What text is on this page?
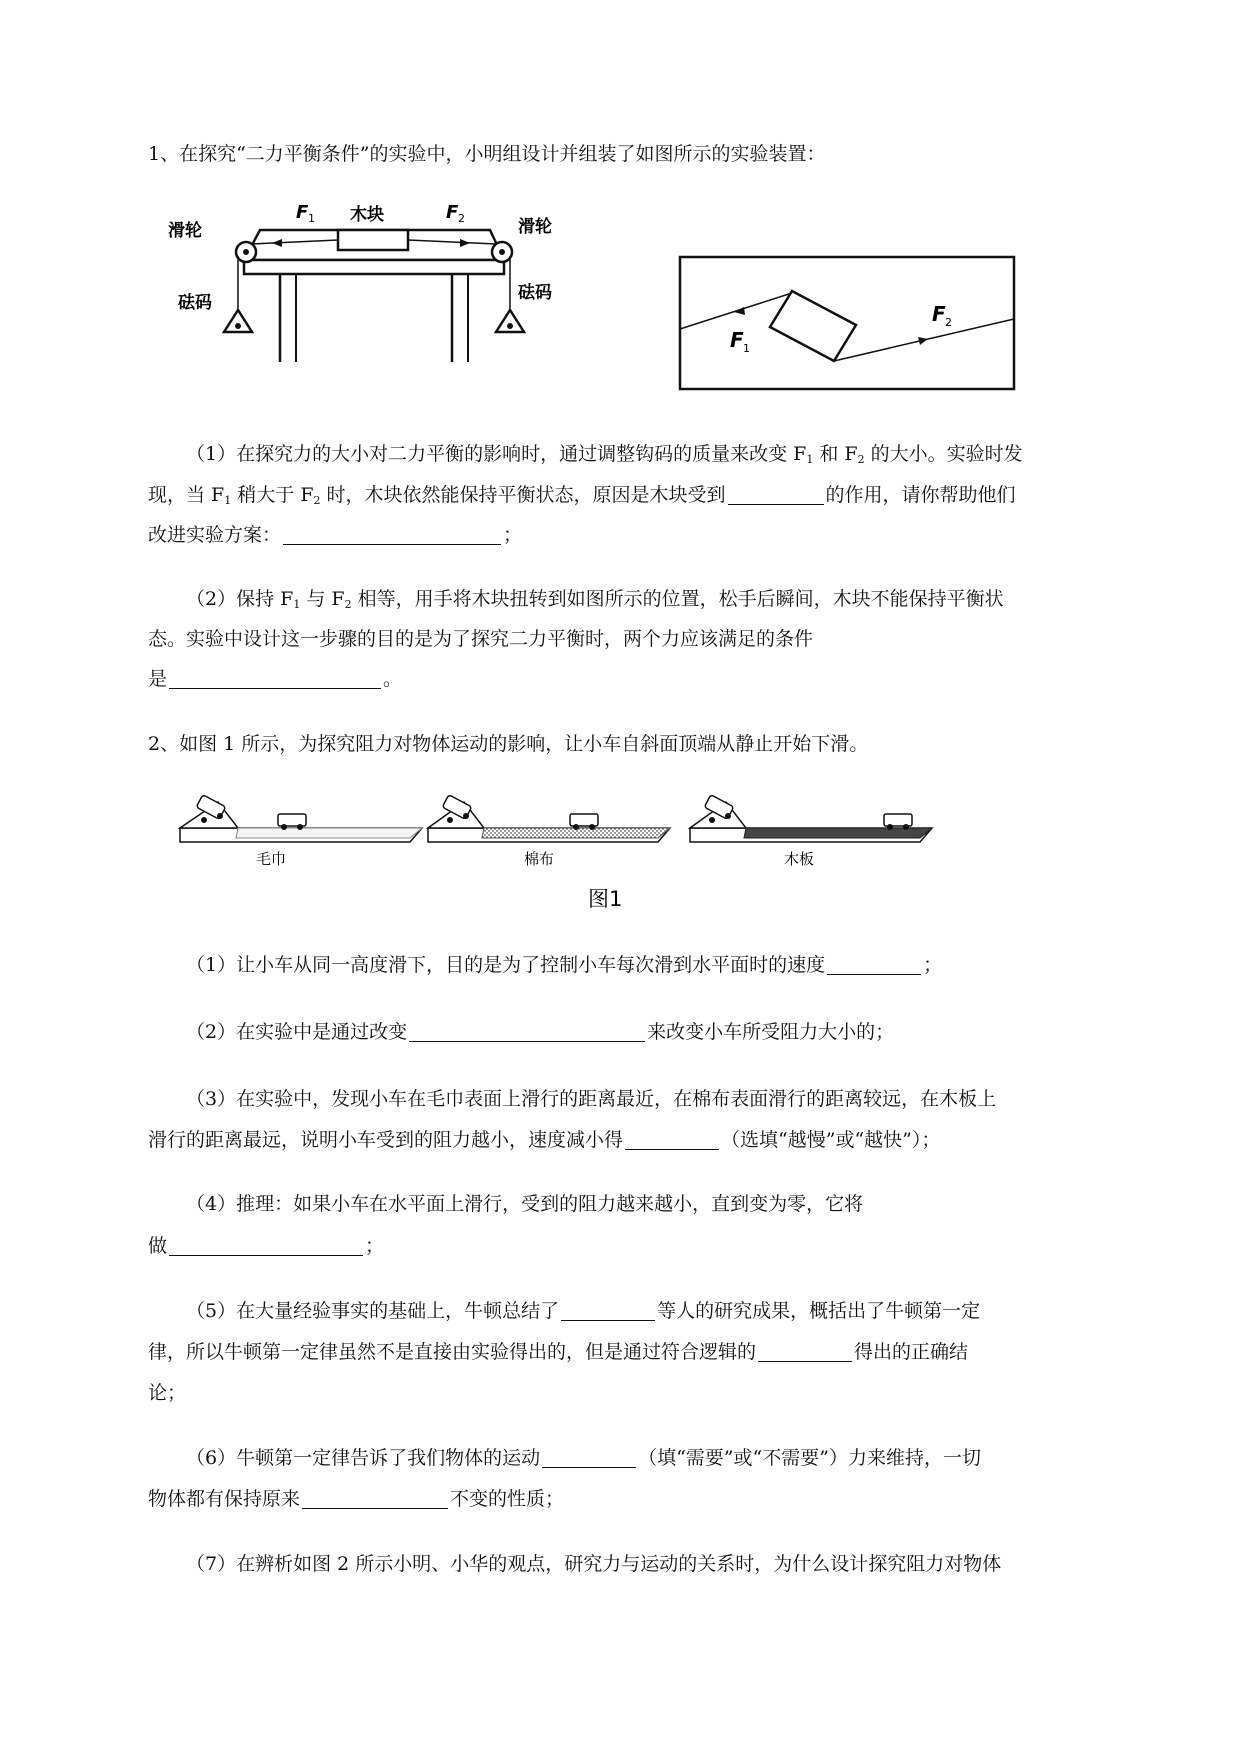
1、在探究“二力平衡条件”的实验中，小明组设计并组装了如图所示的实验装置：
滑轮	滑轮
木块
砝码	砝码
F 1	F 2
F 1
F 2
（1）在探究力的大小对二力平衡的影响时，通过调整钩码的质量来改变 $F_1$ 和 $F_2$ 的大小。实验时发
现，当 $F_1$ 稍大于 $F_2$ 时，木块依然能保持平衡状态，原因是木块受到	的作用，请你帮助他们
改进实验方案：	；
（2）保持 $F_1$ 与 $F_2$ 相等，用手将木块扭转到如图所示的位置，松手后瞬间，木块不能保持平衡状
态。实验中设计这一步骤的目的是为了探究二力平衡时，两个力应该满足的条件
是	。
2、如图 1 所示，为探究阻力对物体运动的影响，让小车自斜面顶端从静止开始下滑。
毛巾	棉布	木板
图1
（1）让小车从同一高度滑下，目的是为了控制小车每次滑到水平面时的速度	；
（2）在实验中是通过改变	来改变小车所受阻力大小的；
（3）在实验中，发现小车在毛巾表面上滑行的距离最近，在棉布表面滑行的距离较远，在木板上
滑行的距离最远，说明小车受到的阻力越小，速度减小得	（选填“越慢”或“越快”）；
（4）推理：如果小车在水平面上滑行，受到的阻力越来越小，直到变为零，它将
做	；
（5）在大量经验事实的基础上，牛顿总结了	等人的研究成果，概括出了牛顿第一定
律，所以牛顿第一定律虽然不是直接由实验得出的，但是通过符合逻辑的	得出的正确结
论；
（6）牛顿第一定律告诉了我们物体的运动	（填“需要”或“不需要”）力来维持，一切
物体都有保持原来	不变的性质；
（7）在辨析如图 2 所示小明、小华的观点，研究力与运动的关系时，为什么设计探究阻力对物体
